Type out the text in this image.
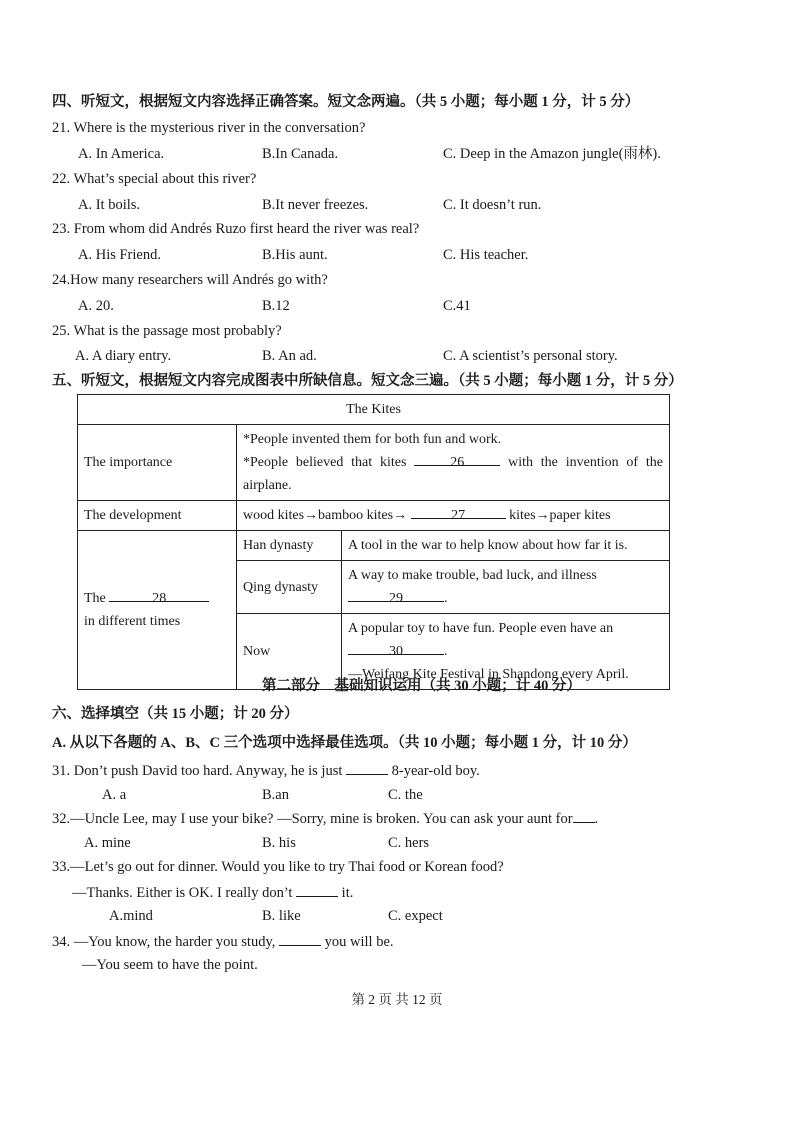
四、听短文，根据短文内容选择正确答案。短文念两遍。（共 5 小题；每小题 1 分，计 5 分）
21. Where is the mysterious river in the conversation?
A. In America.	B.In Canada.	C. Deep in the Amazon jungle(雨林).
22. What’s special about this river?
A. It boils.	B.It never freezes.	C. It doesn’t run.
23. From whom did Andrés Ruzo first heard the river was real?
A. His Friend.	B.His aunt.	C. His teacher.
24.How many researchers will Andrés go with?
A. 20.	B.12	C.41
25. What is the passage most probably?
A. A diary entry.	B. An ad.	C. A scientist’s personal story.
五、听短文，根据短文内容完成图表中所缺信息。短文念三遍。（共 5 小题；每小题 1 分，计 5 分）
The Kites		
The importance	*People invented them for both fun and work.
*People believed that kites 26 with the invention of the airplane.	

The development	wood kites→bamboo kites→ 27 kites→paper kites	

The 28
in different times	Han dynasty	A tool in the war to help know about how far it is.
	Qing dynasty	A way to make trouble, bad luck, and illness
29 .

	Now	A popular toy to have fun. People even have an
30 .
—Weifang Kite Festival in Shandong every April.
第二部分　基础知识运用（共 30 小题；计 40 分）
六、选择填空（共 15 小题；计 20 分）
A. 从以下各题的 A、B、C 三个选项中选择最佳选项。（共 10 小题；每小题 1 分，计 10 分）
31. Don’t push David too hard. Anyway, he is just	8-year-old boy.
A. a	B.an	C. the
32.—Uncle Lee, may I use your bike? —Sorry, mine is broken. You can ask your aunt for .
A. mine	B. his	C. hers
33.—Let’s go out for dinner. Would you like to try Thai food or Korean food?
—Thanks. Either is OK. I really don’t	it.
A.mind	B. like	C. expect
34. —You know, the harder you study,	you will be.
—You seem to have the point.
第 2 页 共 12 页
